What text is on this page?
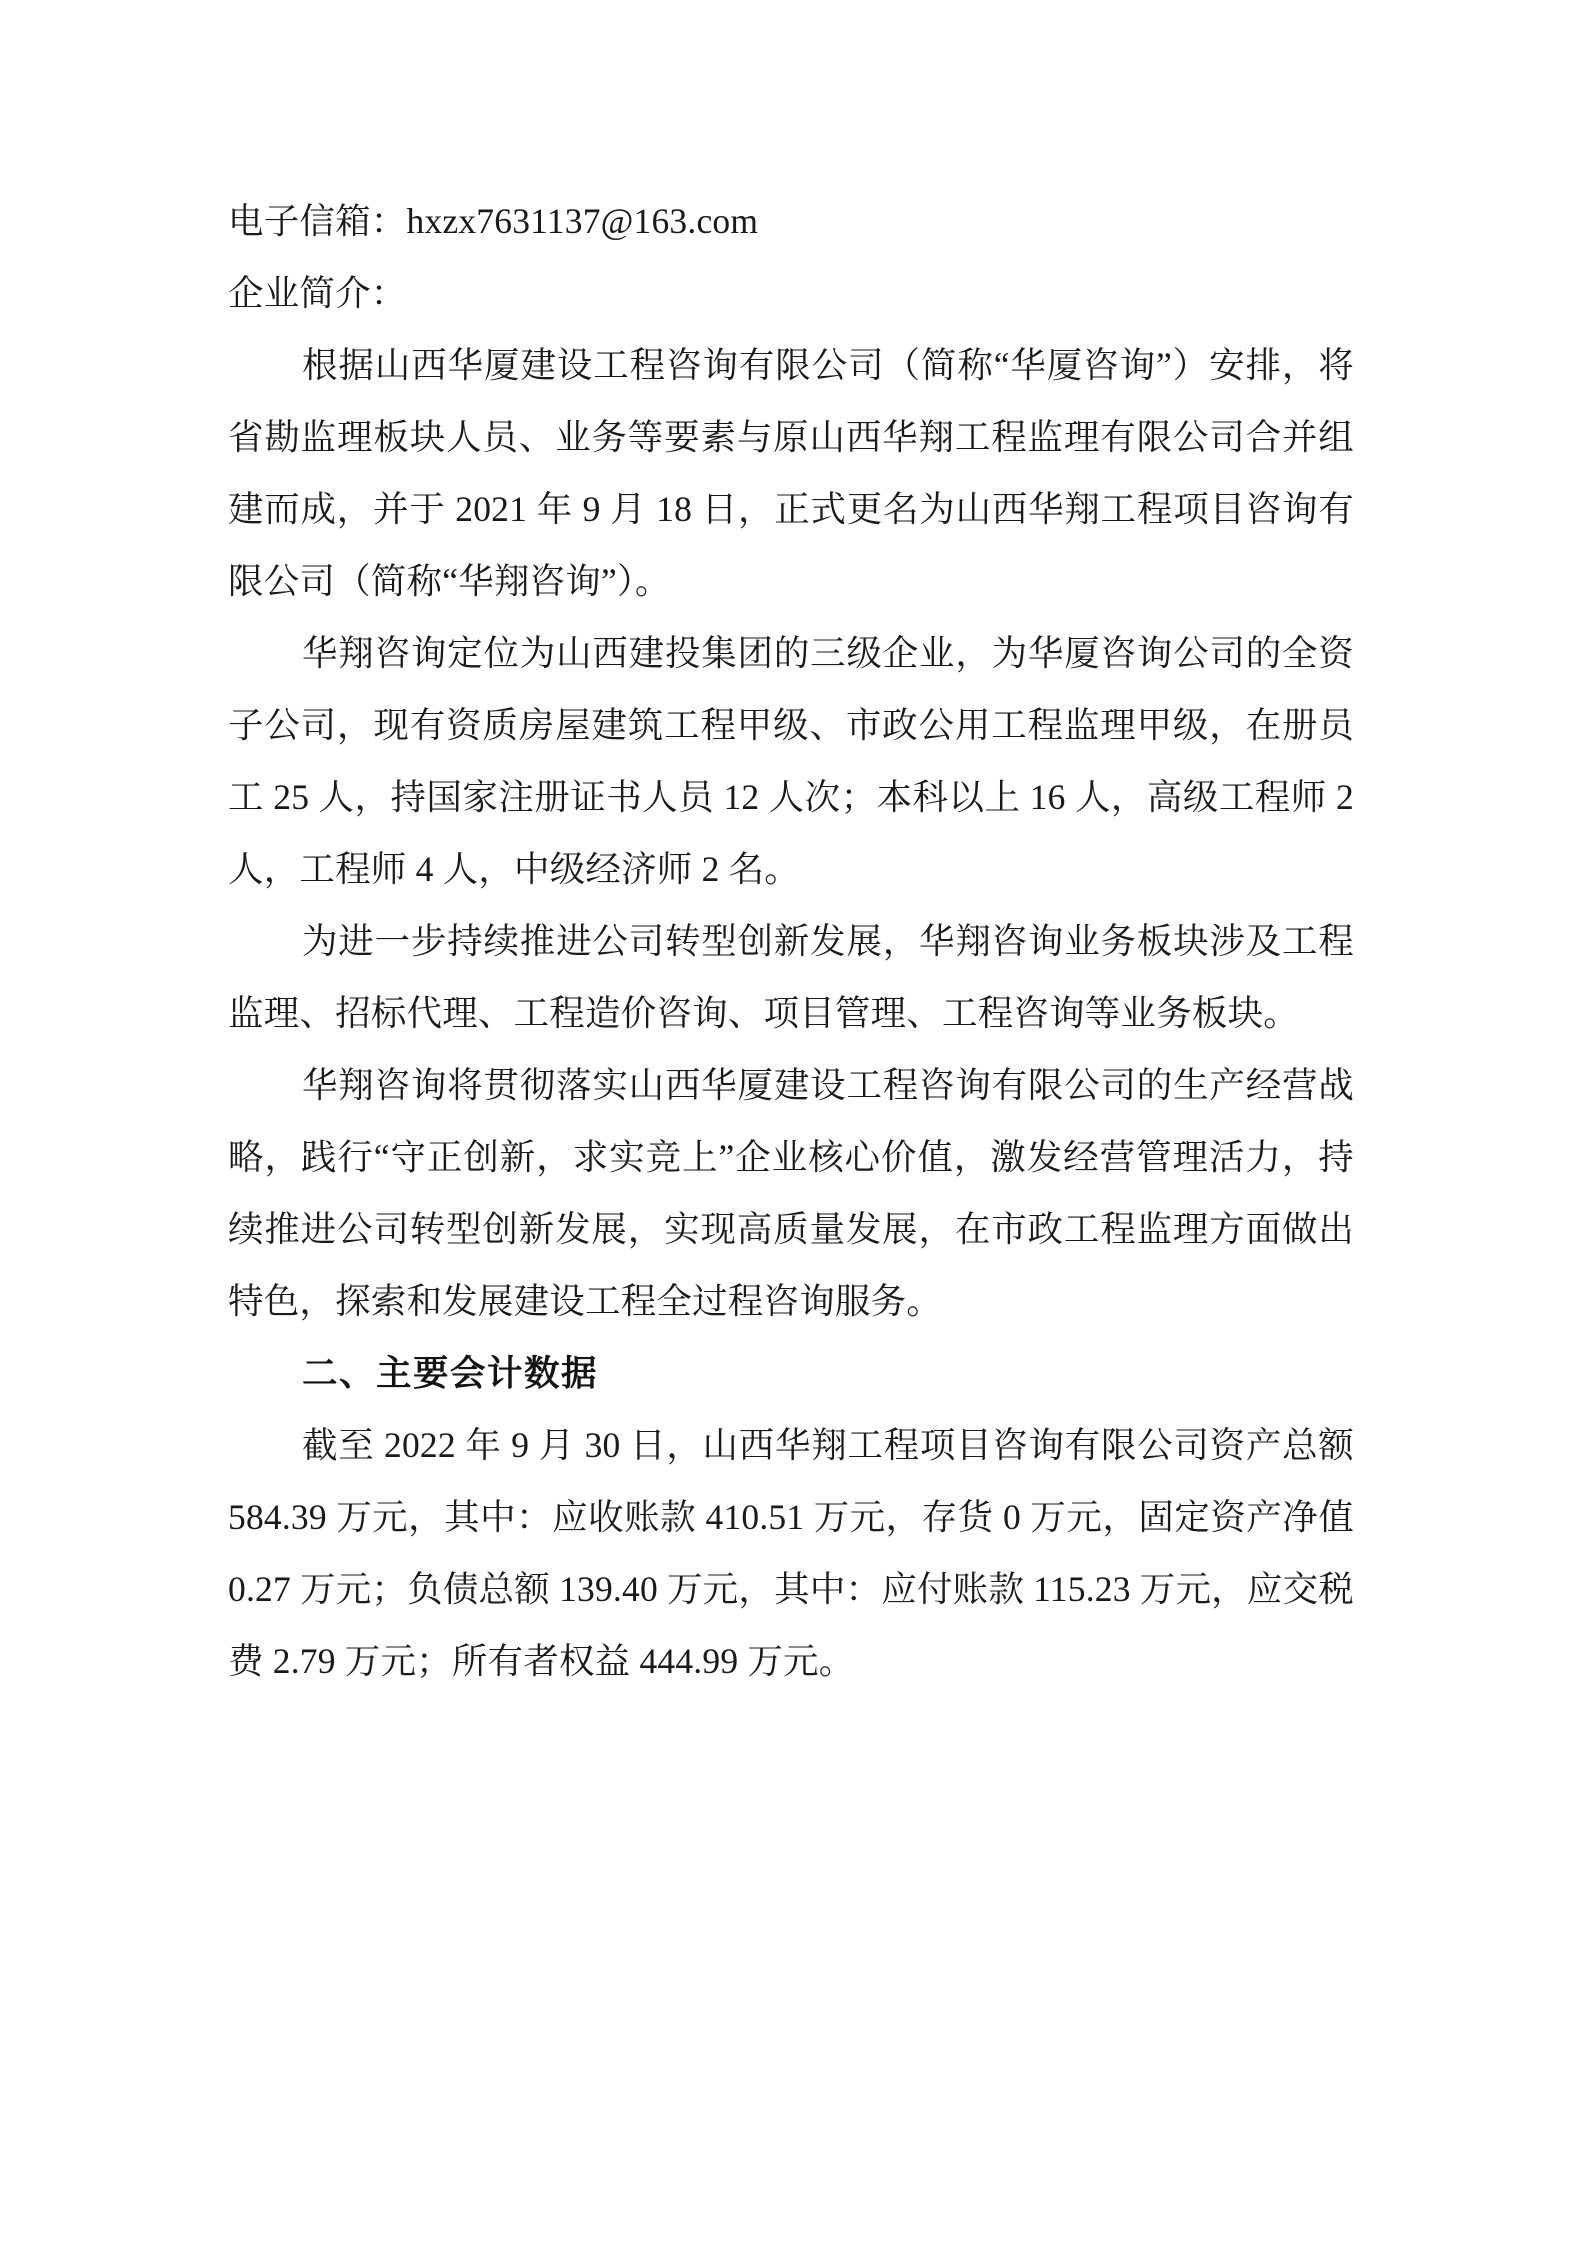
电子信箱：hxzx7631137@163.com

企业简介：

根据山西华厦建设工程咨询有限公司（简称“华厦咨询”）安排，将省勘监理板块人员、业务等要素与原山西华翔工程监理有限公司合并组建而成，并于 2021 年 9 月 18 日，正式更名为山西华翔工程项目咨询有限公司（简称“华翔咨询”）。

华翔咨询定位为山西建投集团的三级企业，为华厦咨询公司的全资子公司，现有资质房屋建筑工程甲级、市政公用工程监理甲级，在册员工 25 人，持国家注册证书人员 12 人次；本科以上 16 人，高级工程师 2 人，工程师 4 人，中级经济师 2 名。

为进一步持续推进公司转型创新发展，华翔咨询业务板块涉及工程监理、招标代理、工程造价咨询、项目管理、工程咨询等业务板块。

华翔咨询将贯彻落实山西华厦建设工程咨询有限公司的生产经营战略，践行“守正创新，求实竞上”企业核心价值，激发经营管理活力，持续推进公司转型创新发展，实现高质量发展，在市政工程监理方面做出特色，探索和发展建设工程全过程咨询服务。

二、主要会计数据

截至 2022 年 9 月 30 日，山西华翔工程项目咨询有限公司资产总额 584.39 万元，其中：应收账款 410.51 万元，存货 0 万元，固定资产净值 0.27 万元；负债总额 139.40 万元，其中：应付账款 115.23 万元，应交税费 2.79 万元；所有者权益 444.99 万元。
